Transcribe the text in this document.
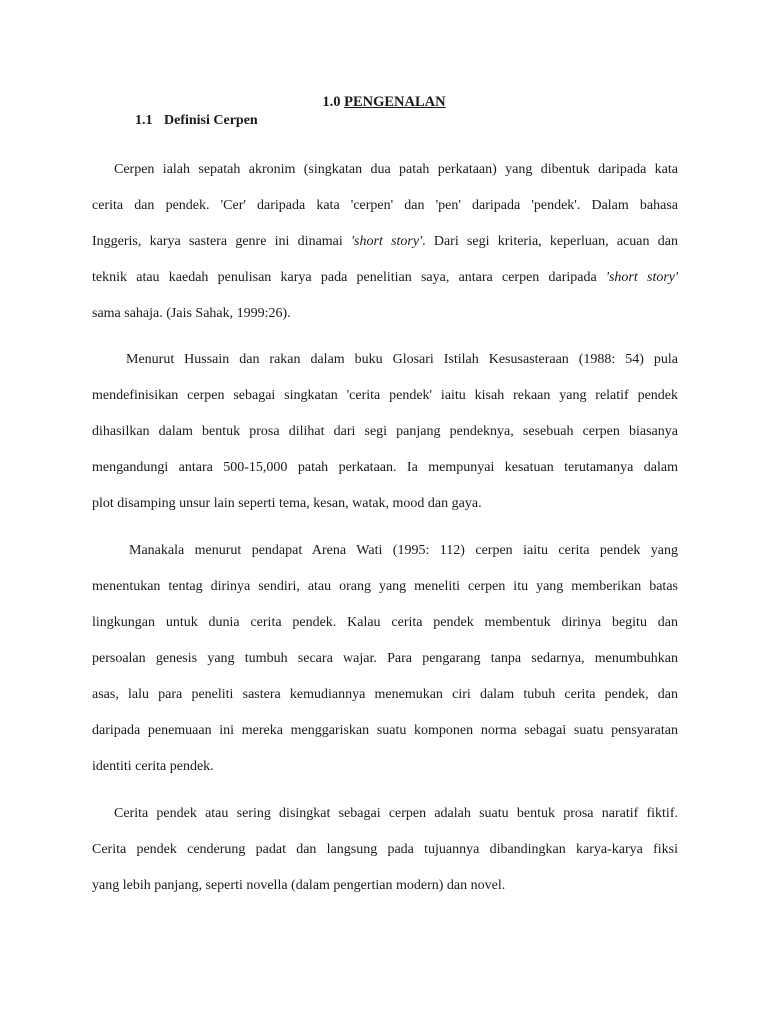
1.0 PENGENALAN
1.1 Definisi Cerpen
Cerpen ialah sepatah akronim (singkatan dua patah perkataan) yang dibentuk daripada kata
cerita dan pendek. 'Cer' daripada kata 'cerpen' dan 'pen' daripada 'pendek'. Dalam bahasa
Inggeris, karya sastera genre ini dinamai 'short story'. Dari segi kriteria, keperluan, acuan dan
teknik atau kaedah penulisan karya pada penelitian saya, antara cerpen daripada 'short story'
sama sahaja. (Jais Sahak, 1999:26).
Menurut Hussain dan rakan dalam buku Glosari Istilah Kesusasteraan (1988: 54) pula
mendefinisikan cerpen sebagai singkatan 'cerita pendek' iaitu kisah rekaan yang relatif pendek
dihasilkan dalam bentuk prosa dilihat dari segi panjang pendeknya, sesebuah cerpen biasanya
mengandungi antara 500-15,000 patah perkataan. Ia mempunyai kesatuan terutamanya dalam
plot disamping unsur lain seperti tema, kesan, watak, mood dan gaya.
Manakala menurut pendapat Arena Wati (1995: 112) cerpen iaitu cerita pendek yang
menentukan tentag dirinya sendiri, atau orang yang meneliti cerpen itu yang memberikan batas
lingkungan untuk dunia cerita pendek. Kalau cerita pendek membentuk dirinya begitu dan
persoalan genesis yang tumbuh secara wajar. Para pengarang tanpa sedarnya, menumbuhkan
asas, lalu para peneliti sastera kemudiannya menemukan ciri dalam tubuh cerita pendek, dan
daripada penemuaan ini mereka menggariskan suatu komponen norma sebagai suatu pensyaratan
identiti cerita pendek.
Cerita pendek atau sering disingkat sebagai cerpen adalah suatu bentuk prosa naratif fiktif.
Cerita pendek cenderung padat dan langsung pada tujuannya dibandingkan karya-karya fiksi
yang lebih panjang, seperti novella (dalam pengertian modern) dan novel.
